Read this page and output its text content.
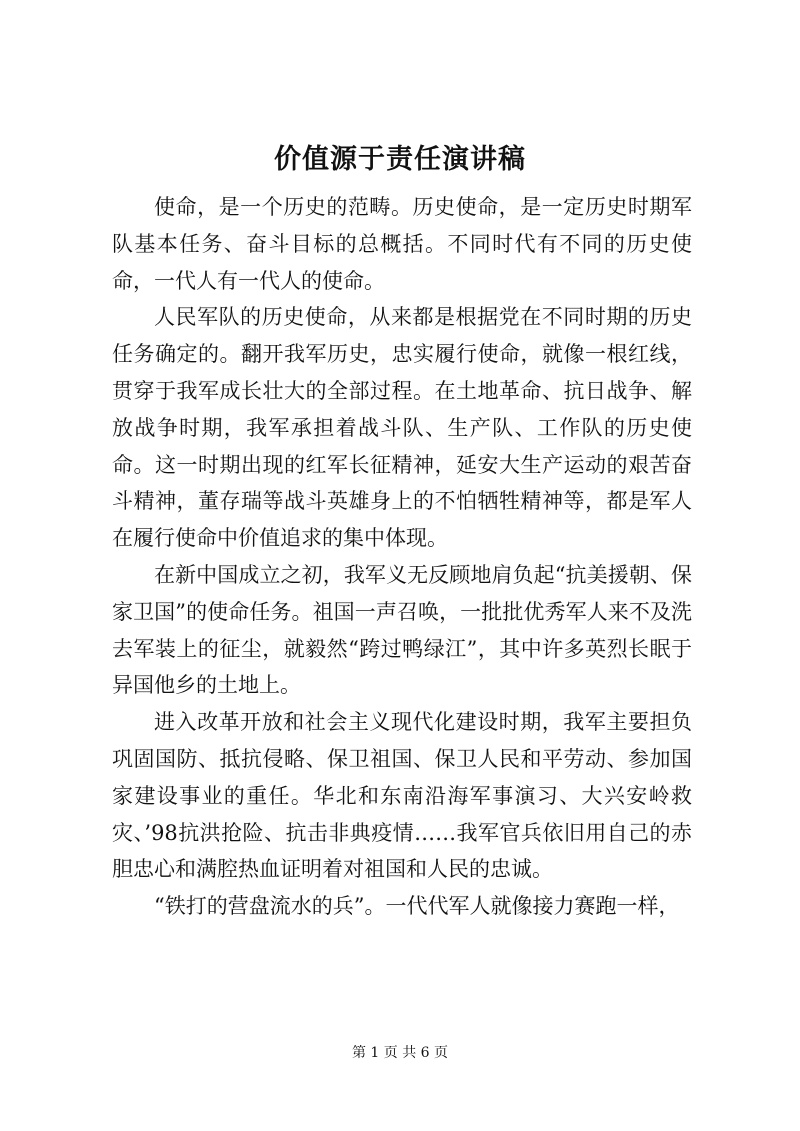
价值源于责任演讲稿

使命，是一个历史的范畴。历史使命，是一定历史时期军队基本任务、奋斗目标的总概括。不同时代有不同的历史使命，一代人有一代人的使命。

人民军队的历史使命，从来都是根据党在不同时期的历史任务确定的。翻开我军历史，忠实履行使命，就像一根红线，贯穿于我军成长壮大的全部过程。在土地革命、抗日战争、解放战争时期，我军承担着战斗队、生产队、工作队的历史使命。这一时期出现的红军长征精神，延安大生产运动的艰苦奋斗精神，董存瑞等战斗英雄身上的不怕牺牲精神等，都是军人在履行使命中价值追求的集中体现。

在新中国成立之初，我军义无反顾地肩负起“抗美援朝、保家卫国”的使命任务。祖国一声召唤，一批批优秀军人来不及洗去军装上的征尘，就毅然“跨过鸭绿江”，其中许多英烈长眠于异国他乡的土地上。

进入改革开放和社会主义现代化建设时期，我军主要担负巩固国防、抵抗侵略、保卫祖国、保卫人民和平劳动、参加国家建设事业的重任。华北和东南沿海军事演习、大兴安岭救灾、’98抗洪抢险、抗击非典疫情……我军官兵依旧用自己的赤胆忠心和满腔热血证明着对祖国和人民的忠诚。

“铁打的营盘流水的兵”。一代代军人就像接力赛跑一样，

第 1 页 共 6 页
